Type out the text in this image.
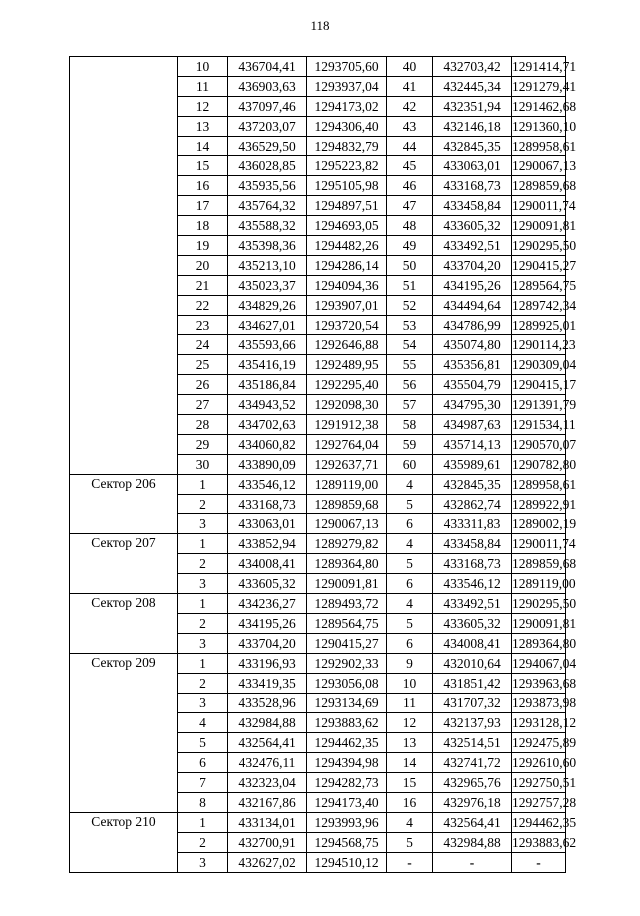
118
	10	436704,41	1293705,60	40	432703,42	1291414,71
	11	436903,63	1293937,04	41	432445,34	1291279,41
	12	437097,46	1294173,02	42	432351,94	1291462,68
	13	437203,07	1294306,40	43	432146,18	1291360,10
	14	436529,50	1294832,79	44	432845,35	1289958,61
	15	436028,85	1295223,82	45	433063,01	1290067,13
	16	435935,56	1295105,98	46	433168,73	1289859,68
	17	435764,32	1294897,51	47	433458,84	1290011,74
	18	435588,32	1294693,05	48	433605,32	1290091,81
	19	435398,36	1294482,26	49	433492,51	1290295,50
	20	435213,10	1294286,14	50	433704,20	1290415,27
	21	435023,37	1294094,36	51	434195,26	1289564,75
	22	434829,26	1293907,01	52	434494,64	1289742,34
	23	434627,01	1293720,54	53	434786,99	1289925,01
	24	435593,66	1292646,88	54	435074,80	1290114,23
	25	435416,19	1292489,95	55	435356,81	1290309,04
	26	435186,84	1292295,40	56	435504,79	1290415,17
	27	434943,52	1292098,30	57	434795,30	1291391,79
	28	434702,63	1291912,38	58	434987,63	1291534,11
	29	434060,82	1292764,04	59	435714,13	1290570,07
	30	433890,09	1292637,71	60	435989,61	1290782,80
Сектор 206	1	433546,12	1289119,00	4	432845,35	1289958,61
	2	433168,73	1289859,68	5	432862,74	1289922,91
	3	433063,01	1290067,13	6	433311,83	1289002,19
Сектор 207	1	433852,94	1289279,82	4	433458,84	1290011,74
	2	434008,41	1289364,80	5	433168,73	1289859,68
	3	433605,32	1290091,81	6	433546,12	1289119,00
Сектор 208	1	434236,27	1289493,72	4	433492,51	1290295,50
	2	434195,26	1289564,75	5	433605,32	1290091,81
	3	433704,20	1290415,27	6	434008,41	1289364,80
Сектор 209	1	433196,93	1292902,33	9	432010,64	1294067,04
	2	433419,35	1293056,08	10	431851,42	1293963,68
	3	433528,96	1293134,69	11	431707,32	1293873,98
	4	432984,88	1293883,62	12	432137,93	1293128,12
	5	432564,41	1294462,35	13	432514,51	1292475,89
	6	432476,11	1294394,98	14	432741,72	1292610,60
	7	432323,04	1294282,73	15	432965,76	1292750,51
	8	432167,86	1294173,40	16	432976,18	1292757,28
Сектор 210	1	433134,01	1293993,96	4	432564,41	1294462,35
	2	432700,91	1294568,75	5	432984,88	1293883,62
	3	432627,02	1294510,12	-	-	-
